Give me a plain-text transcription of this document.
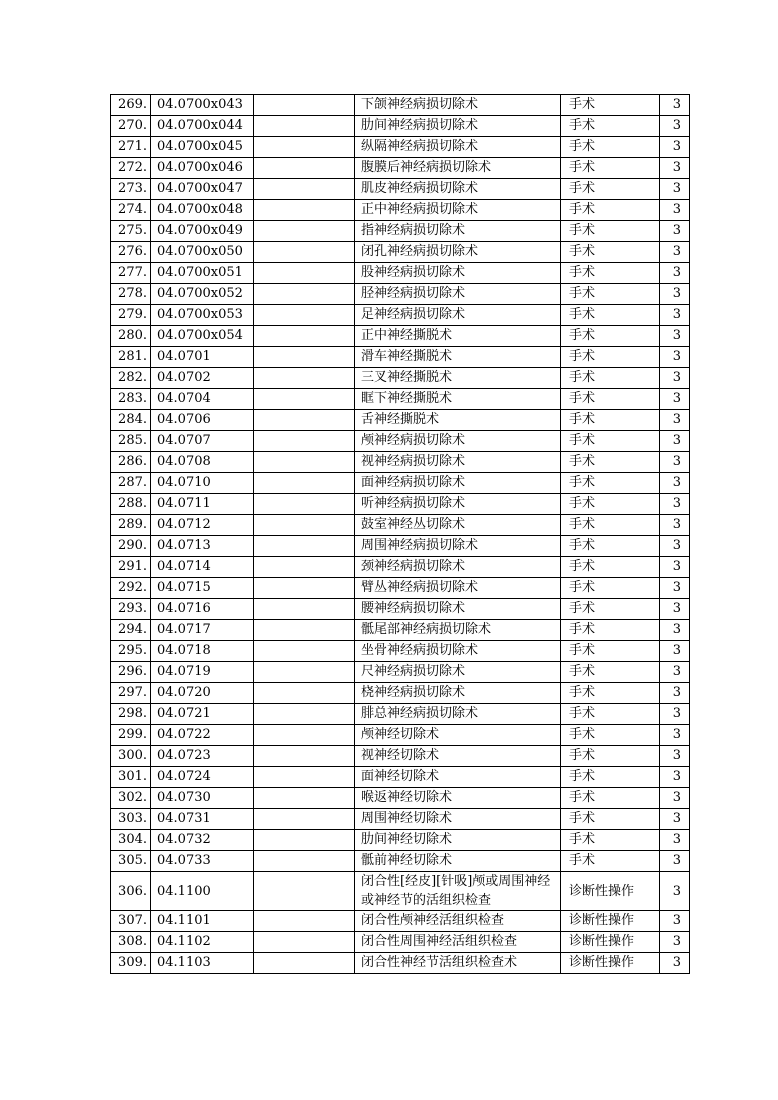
269.	04.0700x043		下颌神经病损切除术	手术	3
270.	04.0700x044		肋间神经病损切除术	手术	3
271.	04.0700x045		纵隔神经病损切除术	手术	3
272.	04.0700x046		腹膜后神经病损切除术	手术	3
273.	04.0700x047		肌皮神经病损切除术	手术	3
274.	04.0700x048		正中神经病损切除术	手术	3
275.	04.0700x049		指神经病损切除术	手术	3
276.	04.0700x050		闭孔神经病损切除术	手术	3
277.	04.0700x051		股神经病损切除术	手术	3
278.	04.0700x052		胫神经病损切除术	手术	3
279.	04.0700x053		足神经病损切除术	手术	3
280.	04.0700x054		正中神经撕脱术	手术	3
281.	04.0701		滑车神经撕脱术	手术	3
282.	04.0702		三叉神经撕脱术	手术	3
283.	04.0704		眶下神经撕脱术	手术	3
284.	04.0706		舌神经撕脱术	手术	3
285.	04.0707		颅神经病损切除术	手术	3
286.	04.0708		视神经病损切除术	手术	3
287.	04.0710		面神经病损切除术	手术	3
288.	04.0711		听神经病损切除术	手术	3
289.	04.0712		鼓室神经丛切除术	手术	3
290.	04.0713		周围神经病损切除术	手术	3
291.	04.0714		颈神经病损切除术	手术	3
292.	04.0715		臂丛神经病损切除术	手术	3
293.	04.0716		腰神经病损切除术	手术	3
294.	04.0717		骶尾部神经病损切除术	手术	3
295.	04.0718		坐骨神经病损切除术	手术	3
296.	04.0719		尺神经病损切除术	手术	3
297.	04.0720		桡神经病损切除术	手术	3
298.	04.0721		腓总神经病损切除术	手术	3
299.	04.0722		颅神经切除术	手术	3
300.	04.0723		视神经切除术	手术	3
301.	04.0724		面神经切除术	手术	3
302.	04.0730		喉返神经切除术	手术	3
303.	04.0731		周围神经切除术	手术	3
304.	04.0732		肋间神经切除术	手术	3
305.	04.0733		骶前神经切除术	手术	3
306.	04.1100		闭合性[经皮][针吸]颅或周围神经或神经节的活组织检查	诊断性操作	3
307.	04.1101		闭合性颅神经活组织检查	诊断性操作	3
308.	04.1102		闭合性周围神经活组织检查	诊断性操作	3
309.	04.1103		闭合性神经节活组织检查术	诊断性操作	3
